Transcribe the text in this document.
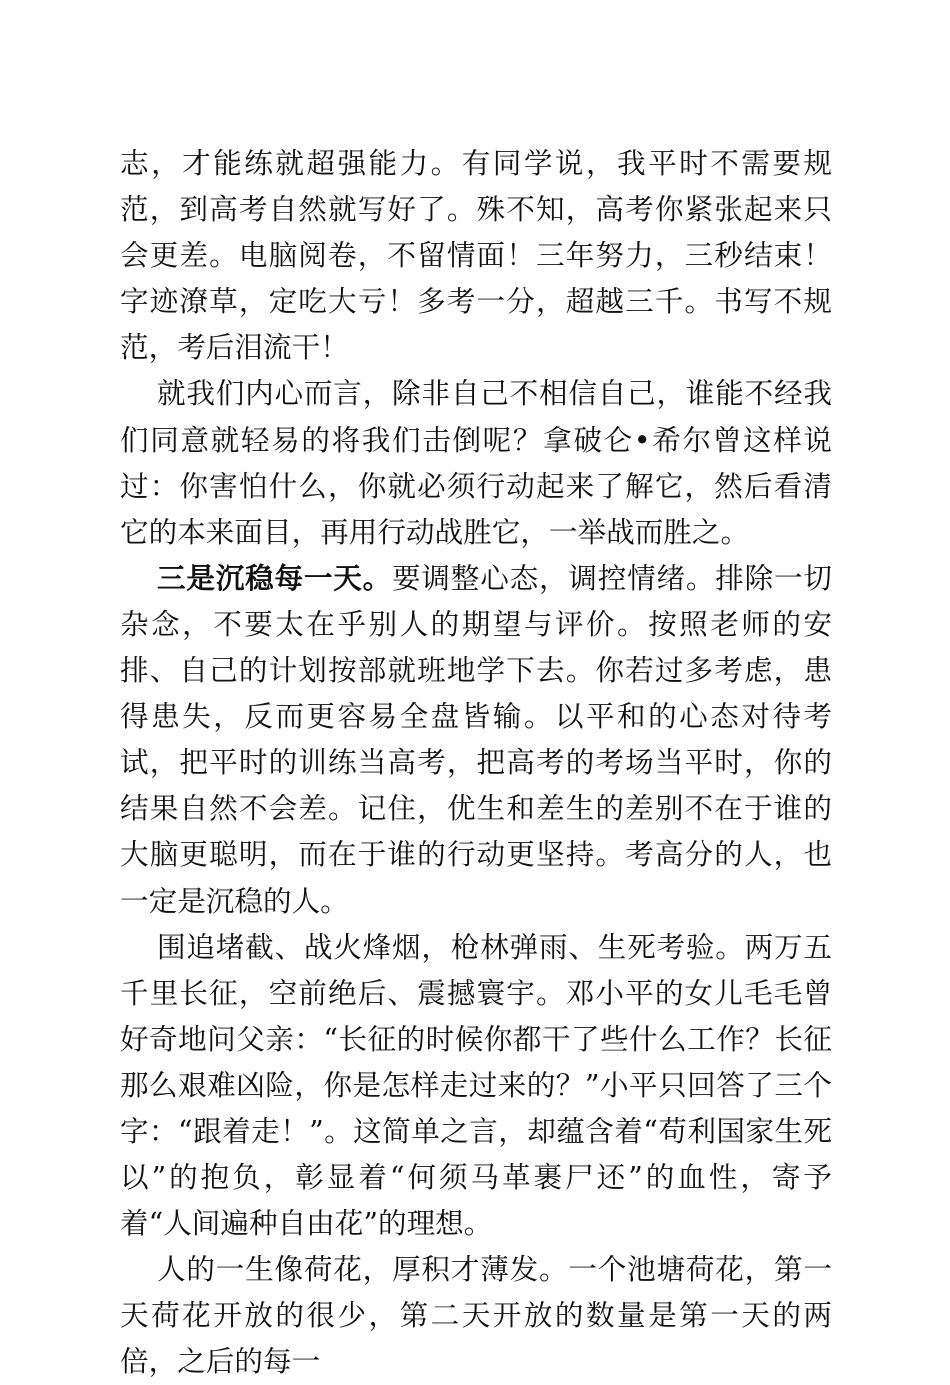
志，才能练就超强能力。有同学说，我平时不需要规范，到高考自然就写好了。殊不知，高考你紧张起来只会更差。电脑阅卷，不留情面！三年努力，三秒结束！字迹潦草，定吃大亏！多考一分，超越三千。书写不规范，考后泪流干！

就我们内心而言，除非自己不相信自己，谁能不经我们同意就轻易的将我们击倒呢？拿破仑•希尔曾这样说过：你害怕什么，你就必须行动起来了解它，然后看清它的本来面目，再用行动战胜它，一举战而胜之。

三是沉稳每一天。要调整心态，调控情绪。排除一切杂念，不要太在乎别人的期望与评价。按照老师的安排、自己的计划按部就班地学下去。你若过多考虑，患得患失，反而更容易全盘皆输。以平和的心态对待考试，把平时的训练当高考，把高考的考场当平时，你的结果自然不会差。记住，优生和差生的差别不在于谁的大脑更聪明，而在于谁的行动更坚持。考高分的人，也一定是沉稳的人。

围追堵截、战火烽烟，枪林弹雨、生死考验。两万五千里长征，空前绝后、震撼寰宇。邓小平的女儿毛毛曾好奇地问父亲：“长征的时候你都干了些什么工作？长征那么艰难凶险，你是怎样走过来的？”小平只回答了三个字：“跟着走！”。这简单之言，却蕴含着“苟利国家生死以”的抱负，彰显着“何须马革裹尸还”的血性，寄予着“人间遍种自由花”的理想。

人的一生像荷花，厚积才薄发。一个池塘荷花，第一天荷花开放的很少，第二天开放的数量是第一天的两倍，之后的每一
